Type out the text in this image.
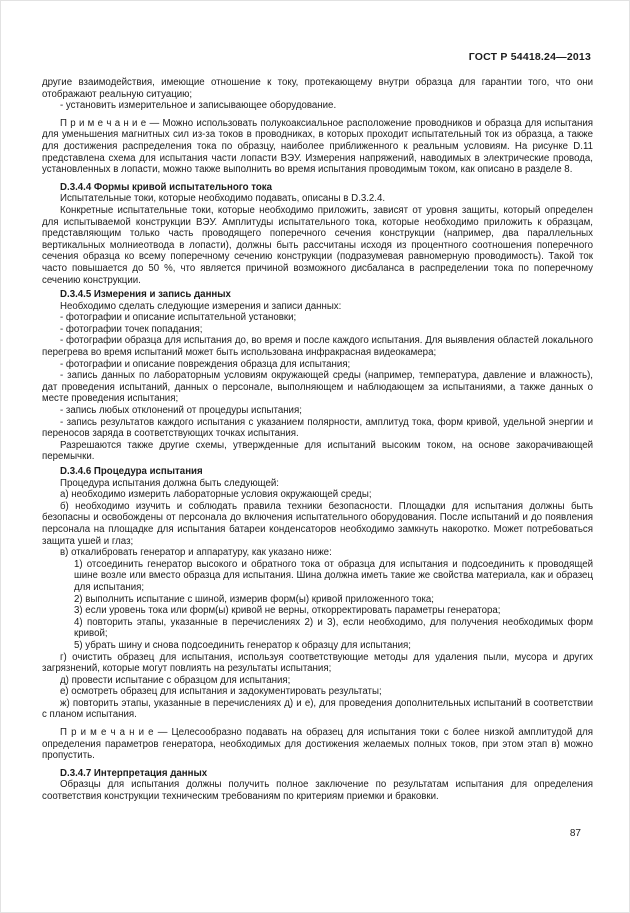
ГОСТ Р 54418.24—2013

другие взаимодействия, имеющие отношение к току, протекающему внутри образца для гарантии того, что они отображают реальную ситуацию;

- установить измерительное и записывающее оборудование.

П р и м е ч а н и е — Можно использовать полукоаксиальное расположение проводников и образца для испытания для уменьшения магнитных сил из-за токов в проводниках, в которых проходит испытательный ток из образца, а также для достижения распределения тока по образцу, наиболее приближенного к реальным условиям. На рисунке D.11 представлена схема для испытания части лопасти ВЭУ. Измерения напряжений, наводимых в электрические провода, установленных в лопасти, можно также выполнить во время испытания проводимым током, как описано в разделе 8.

D.3.4.4 Формы кривой испытательного тока

Испытательные токи, которые необходимо подавать, описаны в D.3.2.4.

Конкретные испытательные токи, которые необходимо приложить, зависят от уровня защиты, который определен для испытываемой конструкции ВЭУ. Амплитуды испытательного тока, которые необходимо приложить к образцам, представляющим только часть проводящего поперечного сечения конструкции (например, два параллельных вертикальных молниеотвода в лопасти), должны быть рассчитаны исходя из процентного соотношения поперечного сечения образца ко всему поперечному сечению конструкции (подразумевая равномерную проводимость). Такой ток часто повышается до 50 %, что является причиной возможного дисбаланса в распределении тока по поперечному сечению конструкции.

D.3.4.5 Измерения и запись данных

Необходимо сделать следующие измерения и записи данных:

- фотографии и описание испытательной установки;

- фотографии точек попадания;

- фотографии образца для испытания до, во время и после каждого испытания. Для выявления областей локального перегрева во время испытаний может быть использована инфракрасная видеокамера;

- фотографии и описание повреждения образца для испытания;

- запись данных по лабораторным условиям окружающей среды (например, температура, давление и влажность), дат проведения испытаний, данных о персонале, выполняющем и наблюдающем за испытаниями, а также данных о месте проведения испытания;

- запись любых отклонений от процедуры испытания;

- запись результатов каждого испытания с указанием полярности, амплитуд тока, форм кривой, удельной энергии и переносов заряда в соответствующих точках испытания.

Разрешаются также другие схемы, утвержденные для испытаний высоким током, на основе закорачивающей перемычки.

D.3.4.6 Процедура испытания

Процедура испытания должна быть следующей:

а) необходимо измерить лабораторные условия окружающей среды;

б) необходимо изучить и соблюдать правила техники безопасности. Площадки для испытания должны быть безопасны и освобождены от персонала до включения испытательного оборудования. После испытаний и до появления персонала на площадке для испытания батареи конденсаторов необходимо замкнуть накоротко. Может потребоваться защита ушей и глаз;

в) откалибровать генератор и аппаратуру, как указано ниже:

1) отсоединить генератор высокого и обратного тока от образца для испытания и подсоединить к проводящей шине возле или вместо образца для испытания. Шина должна иметь такие же свойства материала, как и образец для испытания;

2) выполнить испытание с шиной, измерив форм(ы) кривой приложенного тока;

3) если уровень тока или форм(ы) кривой не верны, откорректировать параметры генератора;

4) повторить этапы, указанные в перечислениях 2) и 3), если необходимо, для получения необходимых форм кривой;

5) убрать шину и снова подсоединить генератор к образцу для испытания;

г) очистить образец для испытания, используя соответствующие методы для удаления пыли, мусора и других загрязнений, которые могут повлиять на результаты испытания;

д) провести испытание с образцом для испытания;

е) осмотреть образец для испытания и задокументировать результаты;

ж) повторить этапы, указанные в перечислениях д) и е), для проведения дополнительных испытаний в соответствии с планом испытания.

П р и м е ч а н и е — Целесообразно подавать на образец для испытания токи с более низкой амплитудой для определения параметров генератора, необходимых для достижения желаемых полных токов, при этом этап в) можно пропустить.

D.3.4.7 Интерпретация данных

Образцы для испытания должны получить полное заключение по результатам испытания для определения соответствия конструкции техническим требованиям по критериям приемки и браковки.

87
